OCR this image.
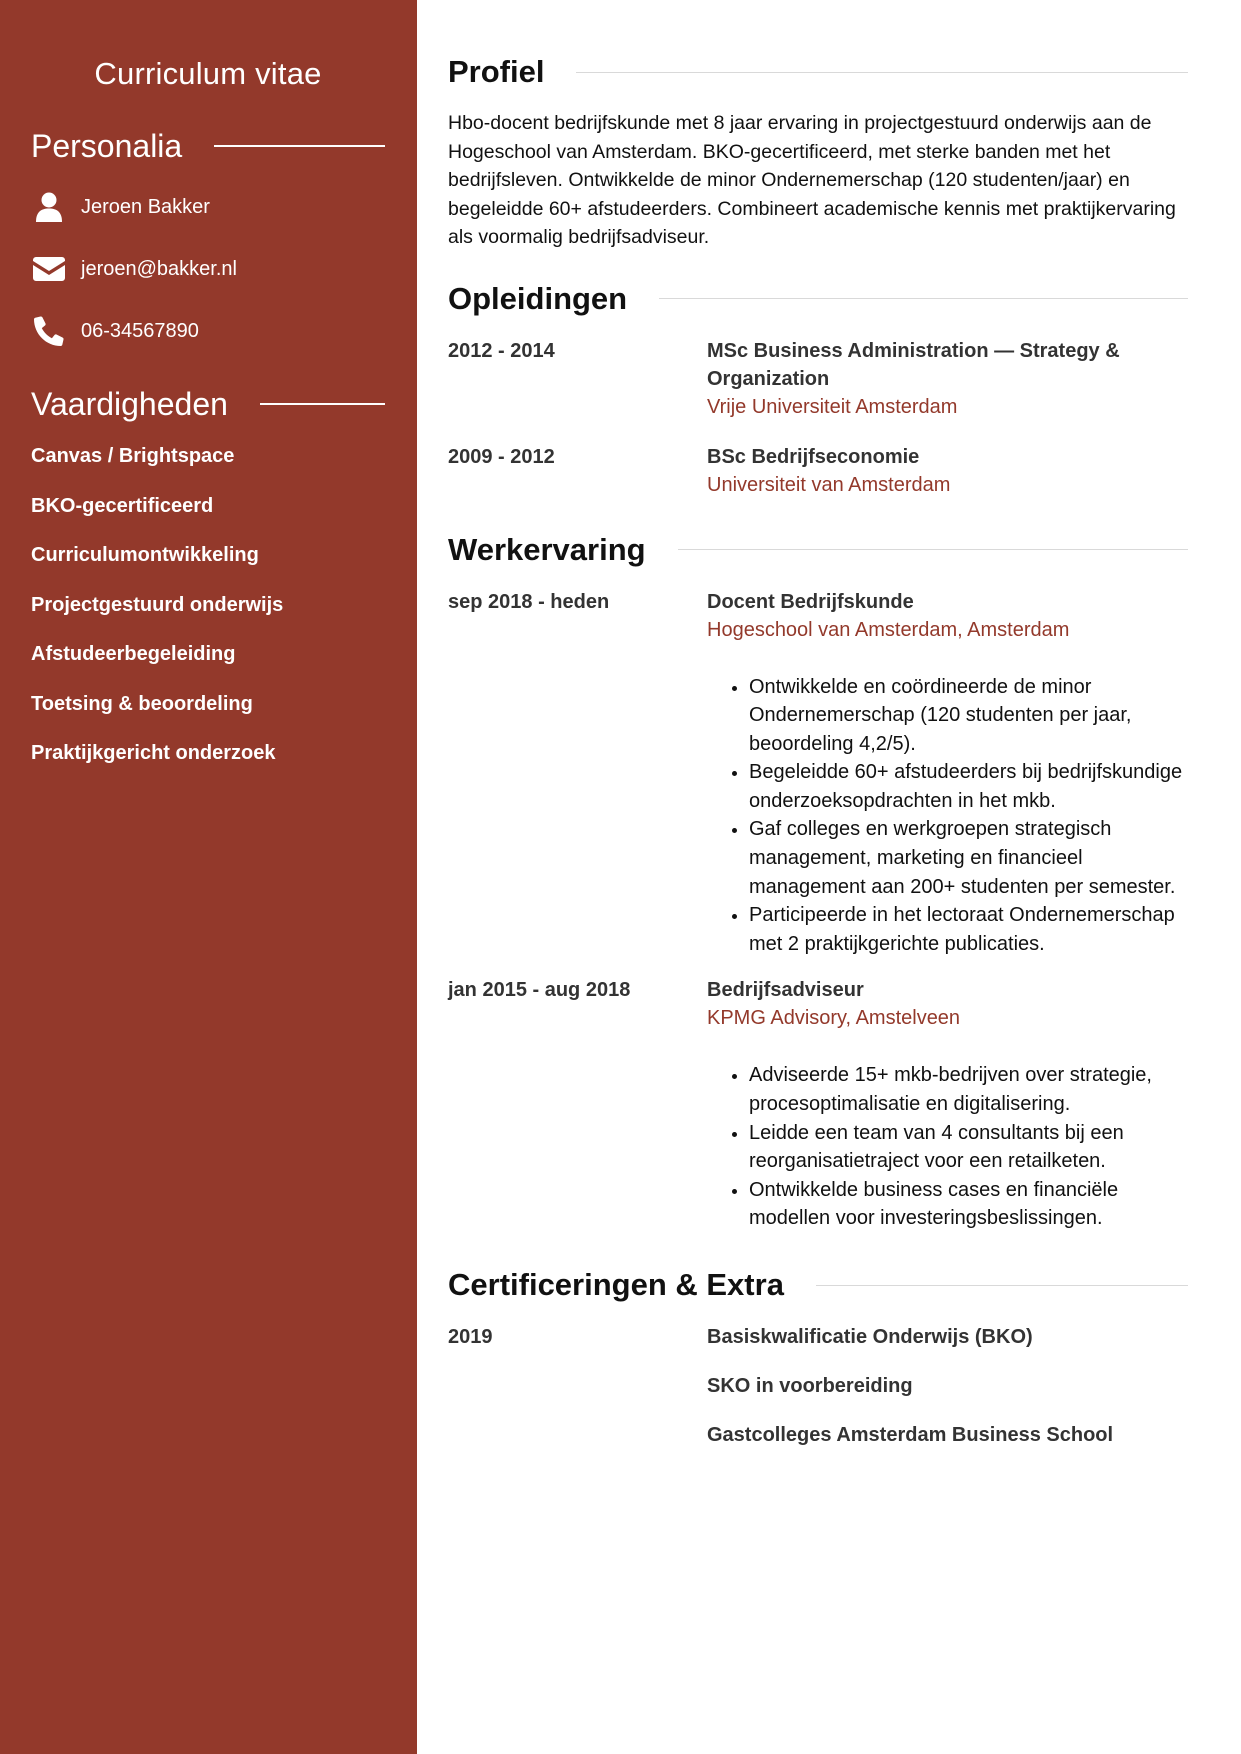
Curriculum vitae
Personalia
Jeroen Bakker
jeroen@bakker.nl
06-34567890
Vaardigheden
Canvas / Brightspace
BKO-gecertificeerd
Curriculumontwikkeling
Projectgestuurd onderwijs
Afstudeerbegeleiding
Toetsing & beoordeling
Praktijkgericht onderzoek
Profiel

Hbo-docent bedrijfskunde met 8 jaar ervaring in projectgestuurd onderwijs aan de Hogeschool van Amsterdam. BKO-gecertificeerd, met sterke banden met het bedrijfsleven. Ontwikkelde de minor Ondernemerschap (120 studenten/jaar) en begeleidde 60+ afstudeerders. Combineert academische kennis met praktijkervaring als voormalig bedrijfsadviseur.

Opleidingen
2012 - 2014	MSc Business Administration — Strategy & Organization
Vrije Universiteit Amsterdam
2009 - 2012	BSc Bedrijfseconomie
Universiteit van Amsterdam
Werkervaring
sep 2018 - heden	Docent Bedrijfskunde
Hogeschool van Amsterdam, Amsterdam
• Ontwikkelde en coördineerde de minor Ondernemerschap (120 studenten per jaar, beoordeling 4,2/5).
• Begeleidde 60+ afstudeerders bij bedrijfskundige onderzoeksopdrachten in het mkb.
• Gaf colleges en werkgroepen strategisch management, marketing en financieel management aan 200+ studenten per semester.
• Participeerde in het lectoraat Ondernemerschap met 2 praktijkgerichte publicaties.
jan 2015 - aug 2018	Bedrijfsadviseur
KPMG Advisory, Amstelveen
• Adviseerde 15+ mkb-bedrijven over strategie, procesoptimalisatie en digitalisering.
• Leidde een team van 4 consultants bij een reorganisatietraject voor een retailketen.
• Ontwikkelde business cases en financiële modellen voor investeringsbeslissingen.
Certificeringen & Extra
2019	Basiskwalificatie Onderwijs (BKO)
SKO in voorbereiding
Gastcolleges Amsterdam Business School
